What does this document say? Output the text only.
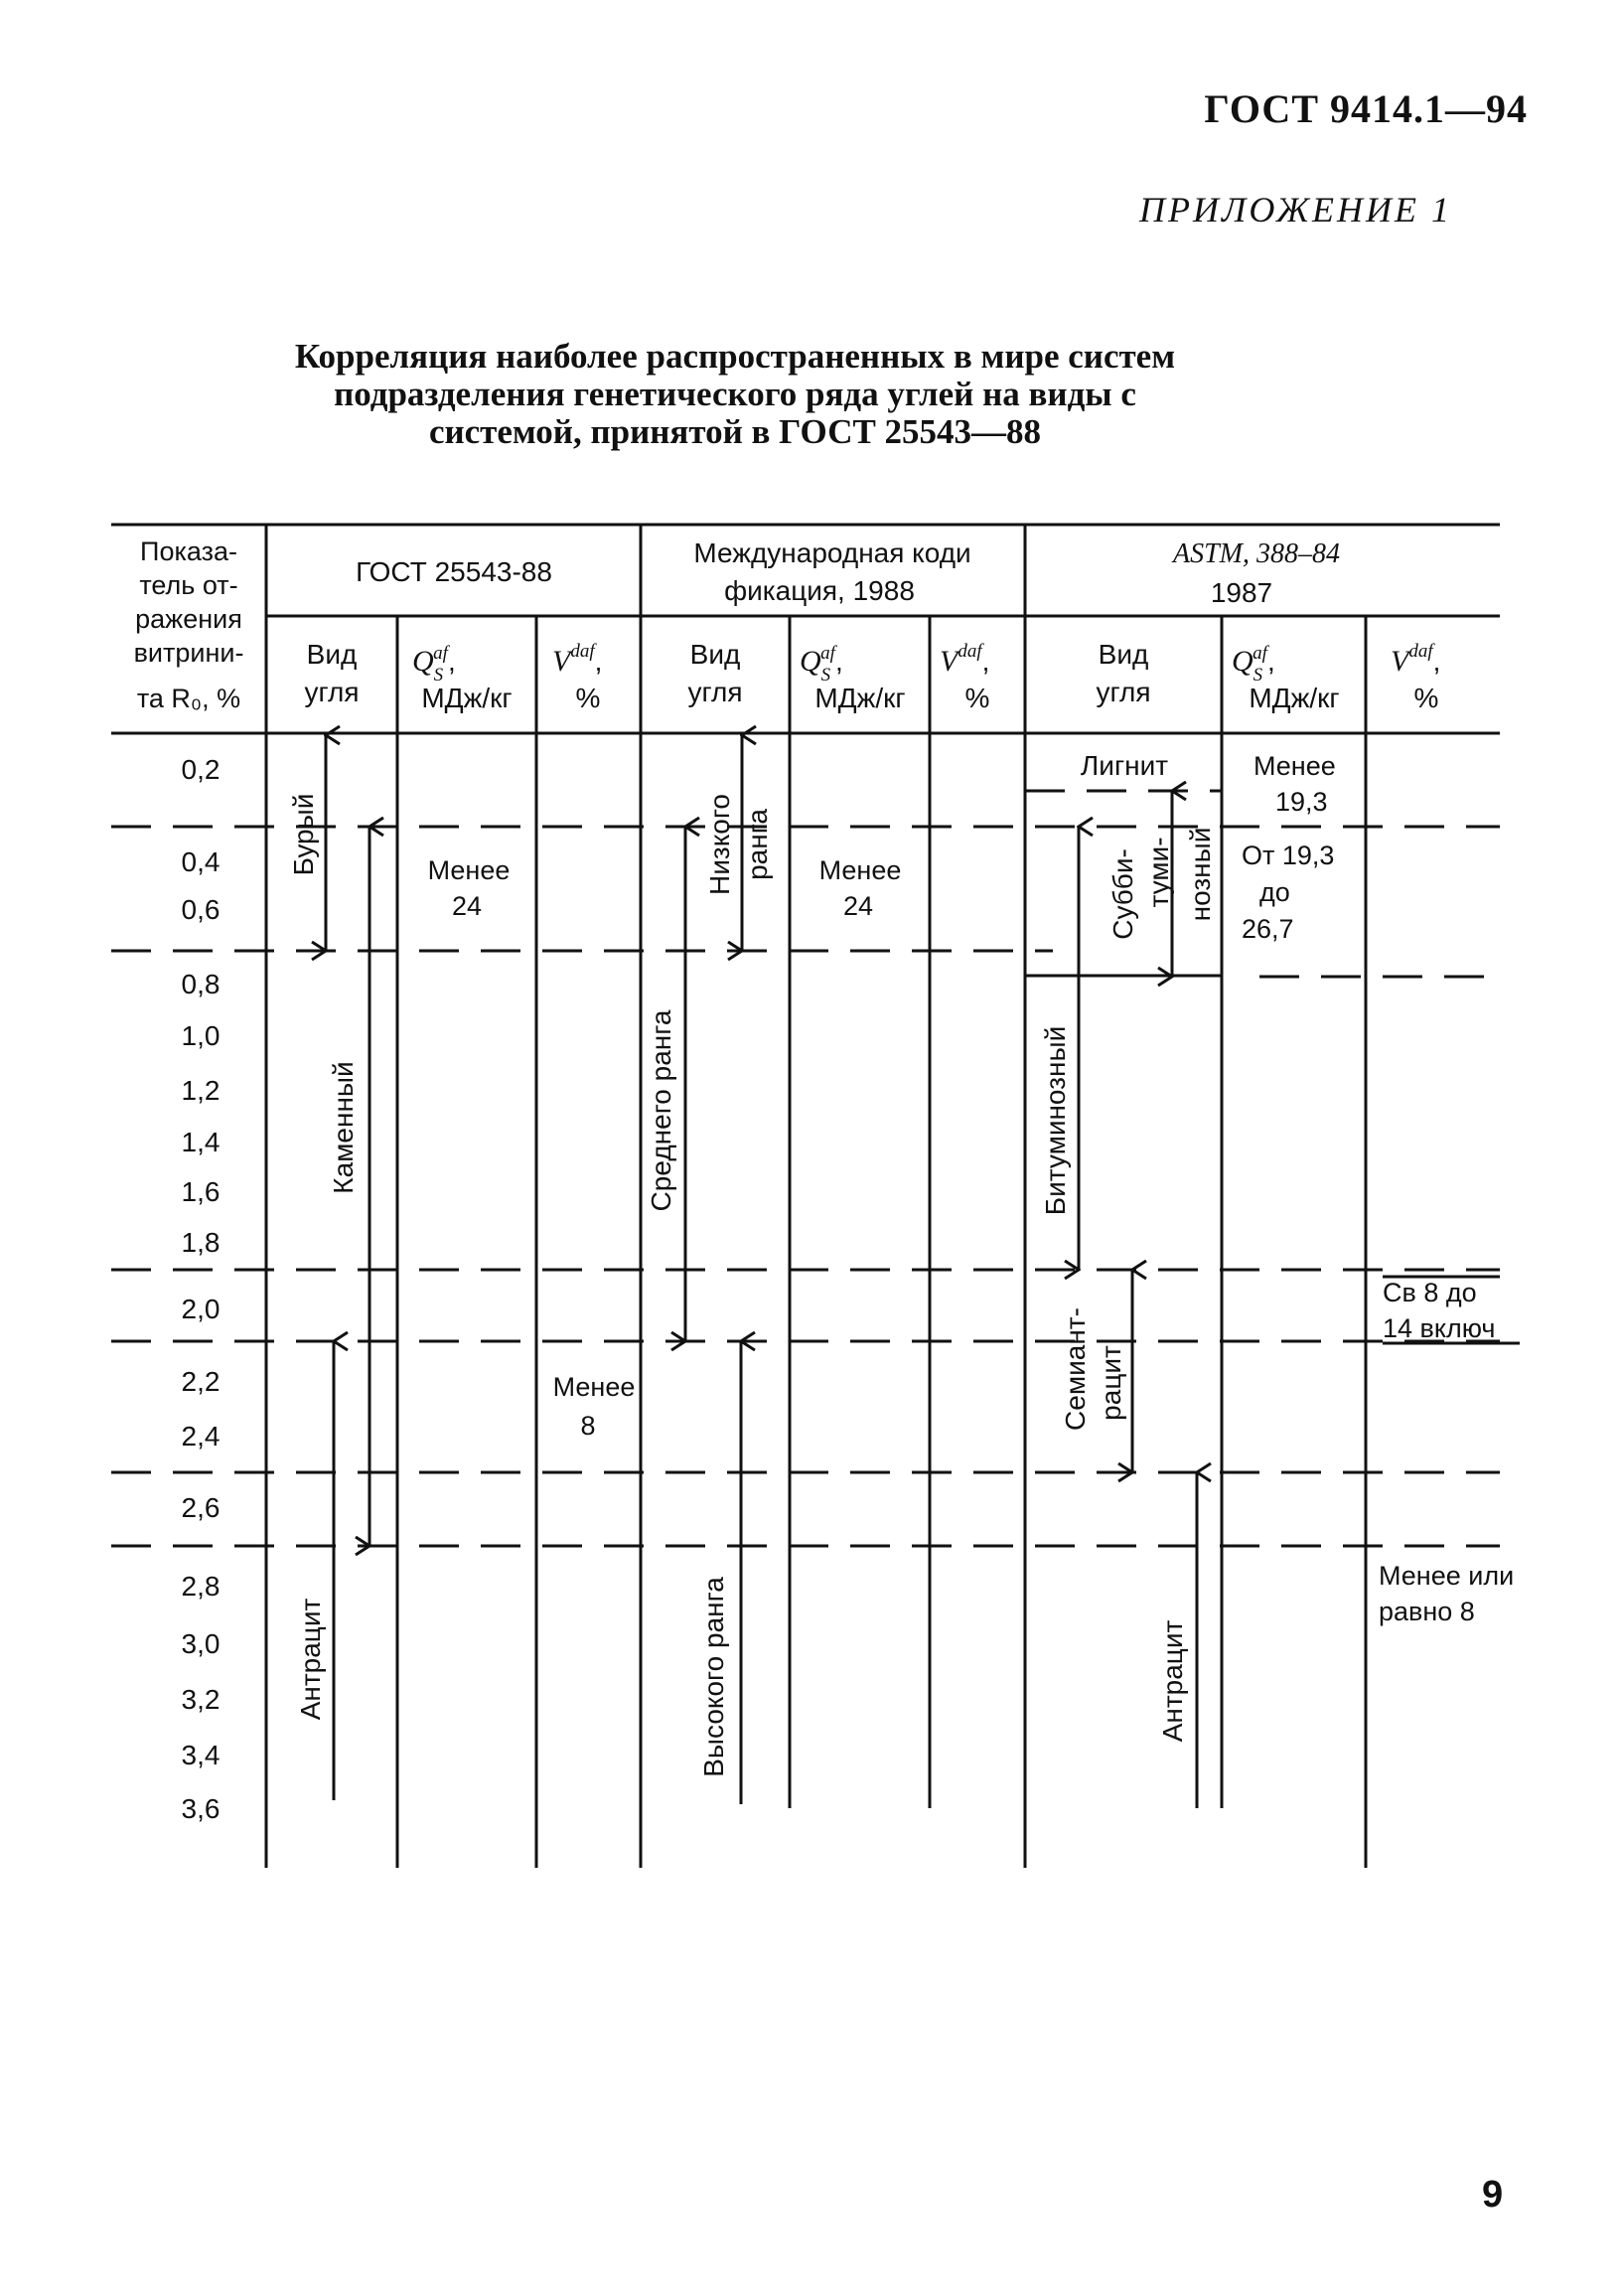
ГОСТ 9414.1—94
ПРИЛОЖЕНИЕ 1
Корреляция наиболее распространенных в мире систем
подразделения генетического ряда углей на виды с
системой, принятой в ГОСТ 25543—88
Показа-
тель от-
ражения
витрини-
та R₀, %
ГОСТ 25543-88
Международная коди
фикация, 1988
ASTM, 388–84
1987
Вид
угля
Вид
угля
Вид
угля
$Q_Saf$,
МДж/кг
$Q_Saf$,
МДж/кг
$Q_Saf$,
МДж/кг
$V^{daf}$,
%
$V^{daf}$,
%
$V^{daf}$,
%
0,2
0,4
0,6
0,8
1,0
1,2
1,4
1,6
1,8
2,0
2,2
2,4
2,6
2,8
3,0
3,2
3,4
3,6
Бурый
Каменный
Антрацит
Менее
24
Менее
8
Низкого ранга
Среднего ранга
Высокого ранга
Менее
24
Лигнит
Субби- туми- нозный
Битуминозный
Семиант- рацит
Антрацит
Менее
19,3
От 19,3
до
26,7
Св 8 до
14 включ
Менее или
равно 8
9
